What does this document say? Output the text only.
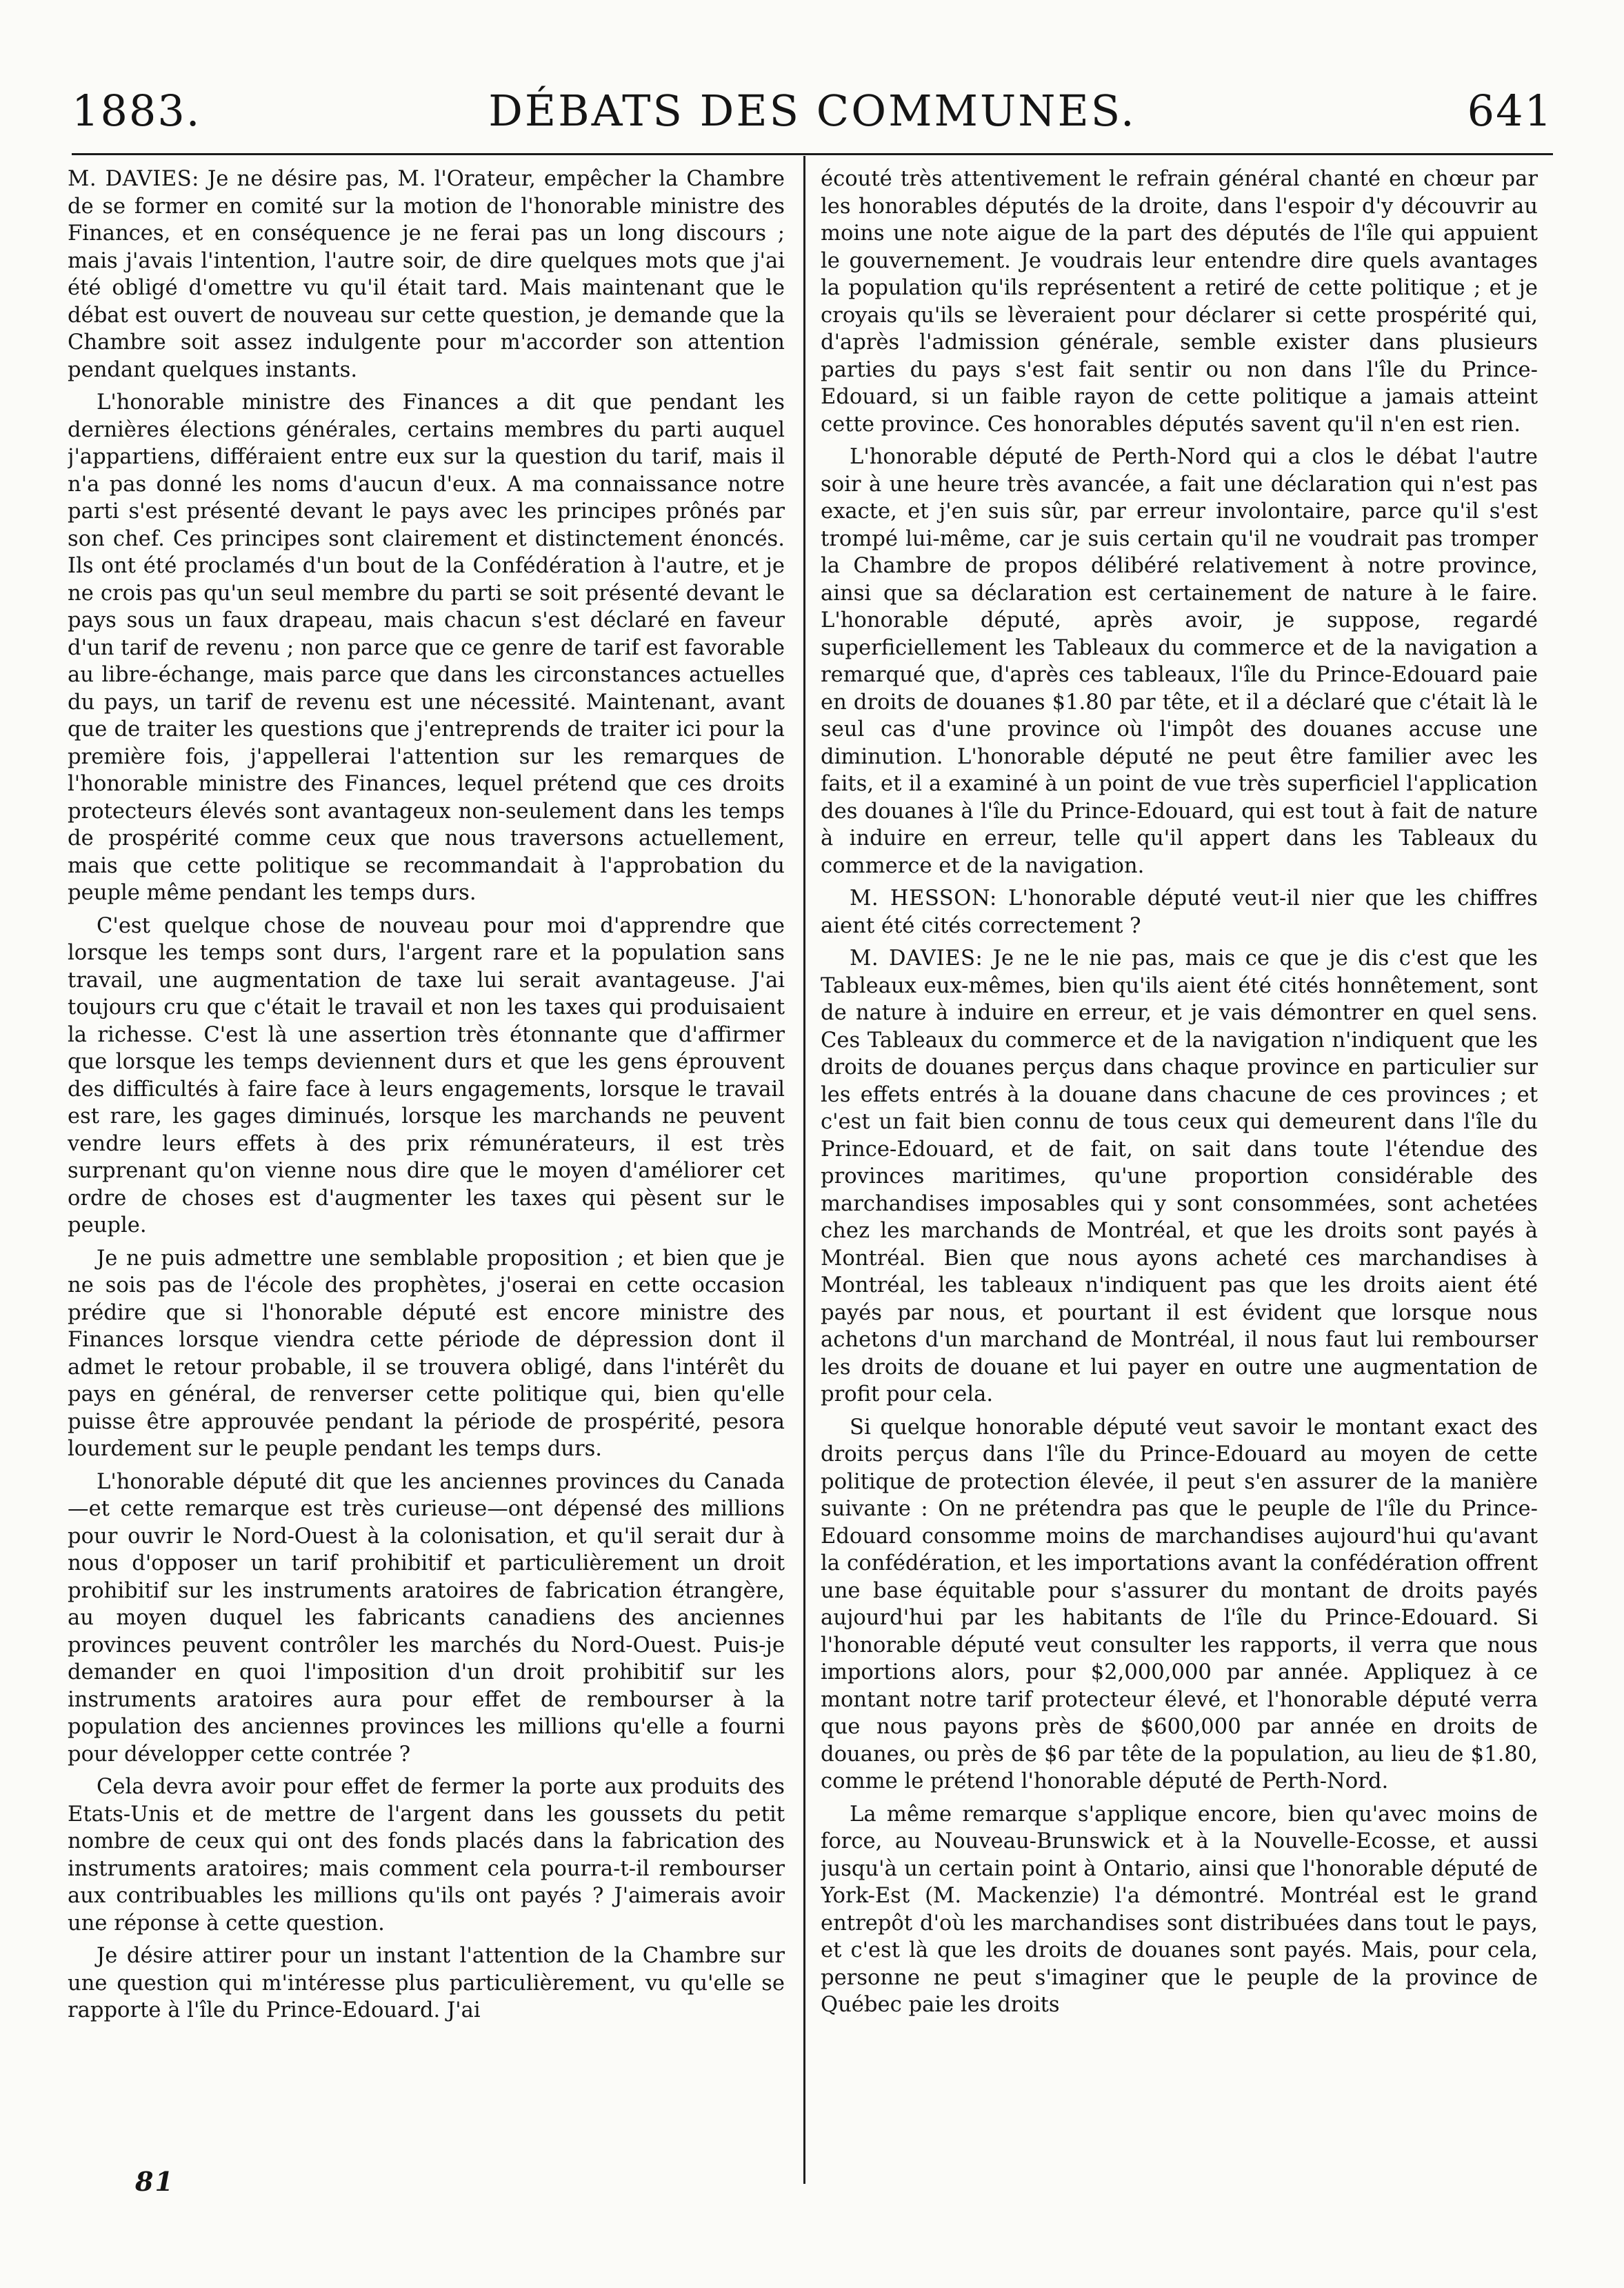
1883.	DÉBATS DES COMMUNES.	641

M. DAVIES: Je ne désire pas, M. l'Orateur, empêcher la Chambre de se former en comité sur la motion de l'honorable ministre des Finances, et en conséquence je ne ferai pas un long discours ; mais j'avais l'intention, l'autre soir, de dire quelques mots que j'ai été obligé d'omettre vu qu'il était tard. Mais maintenant que le débat est ouvert de nouveau sur cette question, je demande que la Chambre soit assez indulgente pour m'accorder son attention pendant quelques instants.

L'honorable ministre des Finances a dit que pendant les dernières élections générales, certains membres du parti auquel j'appartiens, différaient entre eux sur la question du tarif, mais il n'a pas donné les noms d'aucun d'eux. A ma connaissance notre parti s'est présenté devant le pays avec les principes prônés par son chef. Ces principes sont clairement et distinctement énoncés. Ils ont été proclamés d'un bout de la Confédération à l'autre, et je ne crois pas qu'un seul membre du parti se soit présenté devant le pays sous un faux drapeau, mais chacun s'est déclaré en faveur d'un tarif de revenu ; non parce que ce genre de tarif est favorable au libre-échange, mais parce que dans les circonstances actuelles du pays, un tarif de revenu est une nécessité. Maintenant, avant que de traiter les questions que j'entreprends de traiter ici pour la première fois, j'appellerai l'attention sur les remarques de l'honorable ministre des Finances, lequel prétend que ces droits protecteurs élevés sont avantageux non-seulement dans les temps de prospérité comme ceux que nous traversons actuellement, mais que cette politique se recommandait à l'approbation du peuple même pendant les temps durs.

C'est quelque chose de nouveau pour moi d'apprendre que lorsque les temps sont durs, l'argent rare et la population sans travail, une augmentation de taxe lui serait avantageuse. J'ai toujours cru que c'était le travail et non les taxes qui produisaient la richesse. C'est là une assertion très étonnante que d'affirmer que lorsque les temps deviennent durs et que les gens éprouvent des difficultés à faire face à leurs engagements, lorsque le travail est rare, les gages diminués, lorsque les marchands ne peuvent vendre leurs effets à des prix rémunérateurs, il est très surprenant qu'on vienne nous dire que le moyen d'améliorer cet ordre de choses est d'augmenter les taxes qui pèsent sur le peuple.

Je ne puis admettre une semblable proposition ; et bien que je ne sois pas de l'école des prophètes, j'oserai en cette occasion prédire que si l'honorable député est encore ministre des Finances lorsque viendra cette période de dépression dont il admet le retour probable, il se trouvera obligé, dans l'intérêt du pays en général, de renverser cette politique qui, bien qu'elle puisse être approuvée pendant la période de prospérité, pesora lourdement sur le peuple pendant les temps durs.

L'honorable député dit que les anciennes provinces du Canada—et cette remarque est très curieuse—ont dépensé des millions pour ouvrir le Nord-Ouest à la colonisation, et qu'il serait dur à nous d'opposer un tarif prohibitif et particulièrement un droit prohibitif sur les instruments aratoires de fabrication étrangère, au moyen duquel les fabricants canadiens des anciennes provinces peuvent contrôler les marchés du Nord-Ouest. Puis-je demander en quoi l'imposition d'un droit prohibitif sur les instruments aratoires aura pour effet de rembourser à la population des anciennes provinces les millions qu'elle a fourni pour développer cette contrée ?

Cela devra avoir pour effet de fermer la porte aux produits des Etats-Unis et de mettre de l'argent dans les goussets du petit nombre de ceux qui ont des fonds placés dans la fabrication des instruments aratoires; mais comment cela pourra-t-il rembourser aux contribuables les millions qu'ils ont payés ? J'aimerais avoir une réponse à cette question.

Je désire attirer pour un instant l'attention de la Chambre sur une question qui m'intéresse plus particulièrement, vu qu'elle se rapporte à l'île du Prince-Edouard. J'ai

écouté très attentivement le refrain général chanté en chœur par les honorables députés de la droite, dans l'espoir d'y découvrir au moins une note aigue de la part des députés de l'île qui appuient le gouvernement. Je voudrais leur entendre dire quels avantages la population qu'ils représentent a retiré de cette politique ; et je croyais qu'ils se lèveraient pour déclarer si cette prospérité qui, d'après l'admission générale, semble exister dans plusieurs parties du pays s'est fait sentir ou non dans l'île du Prince-Edouard, si un faible rayon de cette politique a jamais atteint cette province. Ces honorables députés savent qu'il n'en est rien.

L'honorable député de Perth-Nord qui a clos le débat l'autre soir à une heure très avancée, a fait une déclaration qui n'est pas exacte, et j'en suis sûr, par erreur involontaire, parce qu'il s'est trompé lui-même, car je suis certain qu'il ne voudrait pas tromper la Chambre de propos délibéré relativement à notre province, ainsi que sa déclaration est certainement de nature à le faire. L'honorable député, après avoir, je suppose, regardé superficiellement les Tableaux du commerce et de la navigation a remarqué que, d'après ces tableaux, l'île du Prince-Edouard paie en droits de douanes $1.80 par tête, et il a déclaré que c'était là le seul cas d'une province où l'impôt des douanes accuse une diminution. L'honorable député ne peut être familier avec les faits, et il a examiné à un point de vue très superficiel l'application des douanes à l'île du Prince-Edouard, qui est tout à fait de nature à induire en erreur, telle qu'il appert dans les Tableaux du commerce et de la navigation.

M. HESSON: L'honorable député veut-il nier que les chiffres aient été cités correctement ?

M. DAVIES: Je ne le nie pas, mais ce que je dis c'est que les Tableaux eux-mêmes, bien qu'ils aient été cités honnêtement, sont de nature à induire en erreur, et je vais démontrer en quel sens. Ces Tableaux du commerce et de la navigation n'indiquent que les droits de douanes perçus dans chaque province en particulier sur les effets entrés à la douane dans chacune de ces provinces ; et c'est un fait bien connu de tous ceux qui demeurent dans l'île du Prince-Edouard, et de fait, on sait dans toute l'étendue des provinces maritimes, qu'une proportion considérable des marchandises imposables qui y sont consommées, sont achetées chez les marchands de Montréal, et que les droits sont payés à Montréal. Bien que nous ayons acheté ces marchandises à Montréal, les tableaux n'indiquent pas que les droits aient été payés par nous, et pourtant il est évident que lorsque nous achetons d'un marchand de Montréal, il nous faut lui rembourser les droits de douane et lui payer en outre une augmentation de profit pour cela.

Si quelque honorable député veut savoir le montant exact des droits perçus dans l'île du Prince-Edouard au moyen de cette politique de protection élevée, il peut s'en assurer de la manière suivante : On ne prétendra pas que le peuple de l'île du Prince-Edouard consomme moins de marchandises aujourd'hui qu'avant la confédération, et les importations avant la confédération offrent une base équitable pour s'assurer du montant de droits payés aujourd'hui par les habitants de l'île du Prince-Edouard. Si l'honorable député veut consulter les rapports, il verra que nous importions alors, pour $2,000,000 par année. Appliquez à ce montant notre tarif protecteur élevé, et l'honorable député verra que nous payons près de $600,000 par année en droits de douanes, ou près de $6 par tête de la population, au lieu de $1.80, comme le prétend l'honorable député de Perth-Nord.

La même remarque s'applique encore, bien qu'avec moins de force, au Nouveau-Brunswick et à la Nouvelle-Ecosse, et aussi jusqu'à un certain point à Ontario, ainsi que l'honorable député de York-Est (M. Mackenzie) l'a démontré. Montréal est le grand entrepôt d'où les marchandises sont distribuées dans tout le pays, et c'est là que les droits de douanes sont payés. Mais, pour cela, personne ne peut s'imaginer que le peuple de la province de Québec paie les droits

81
